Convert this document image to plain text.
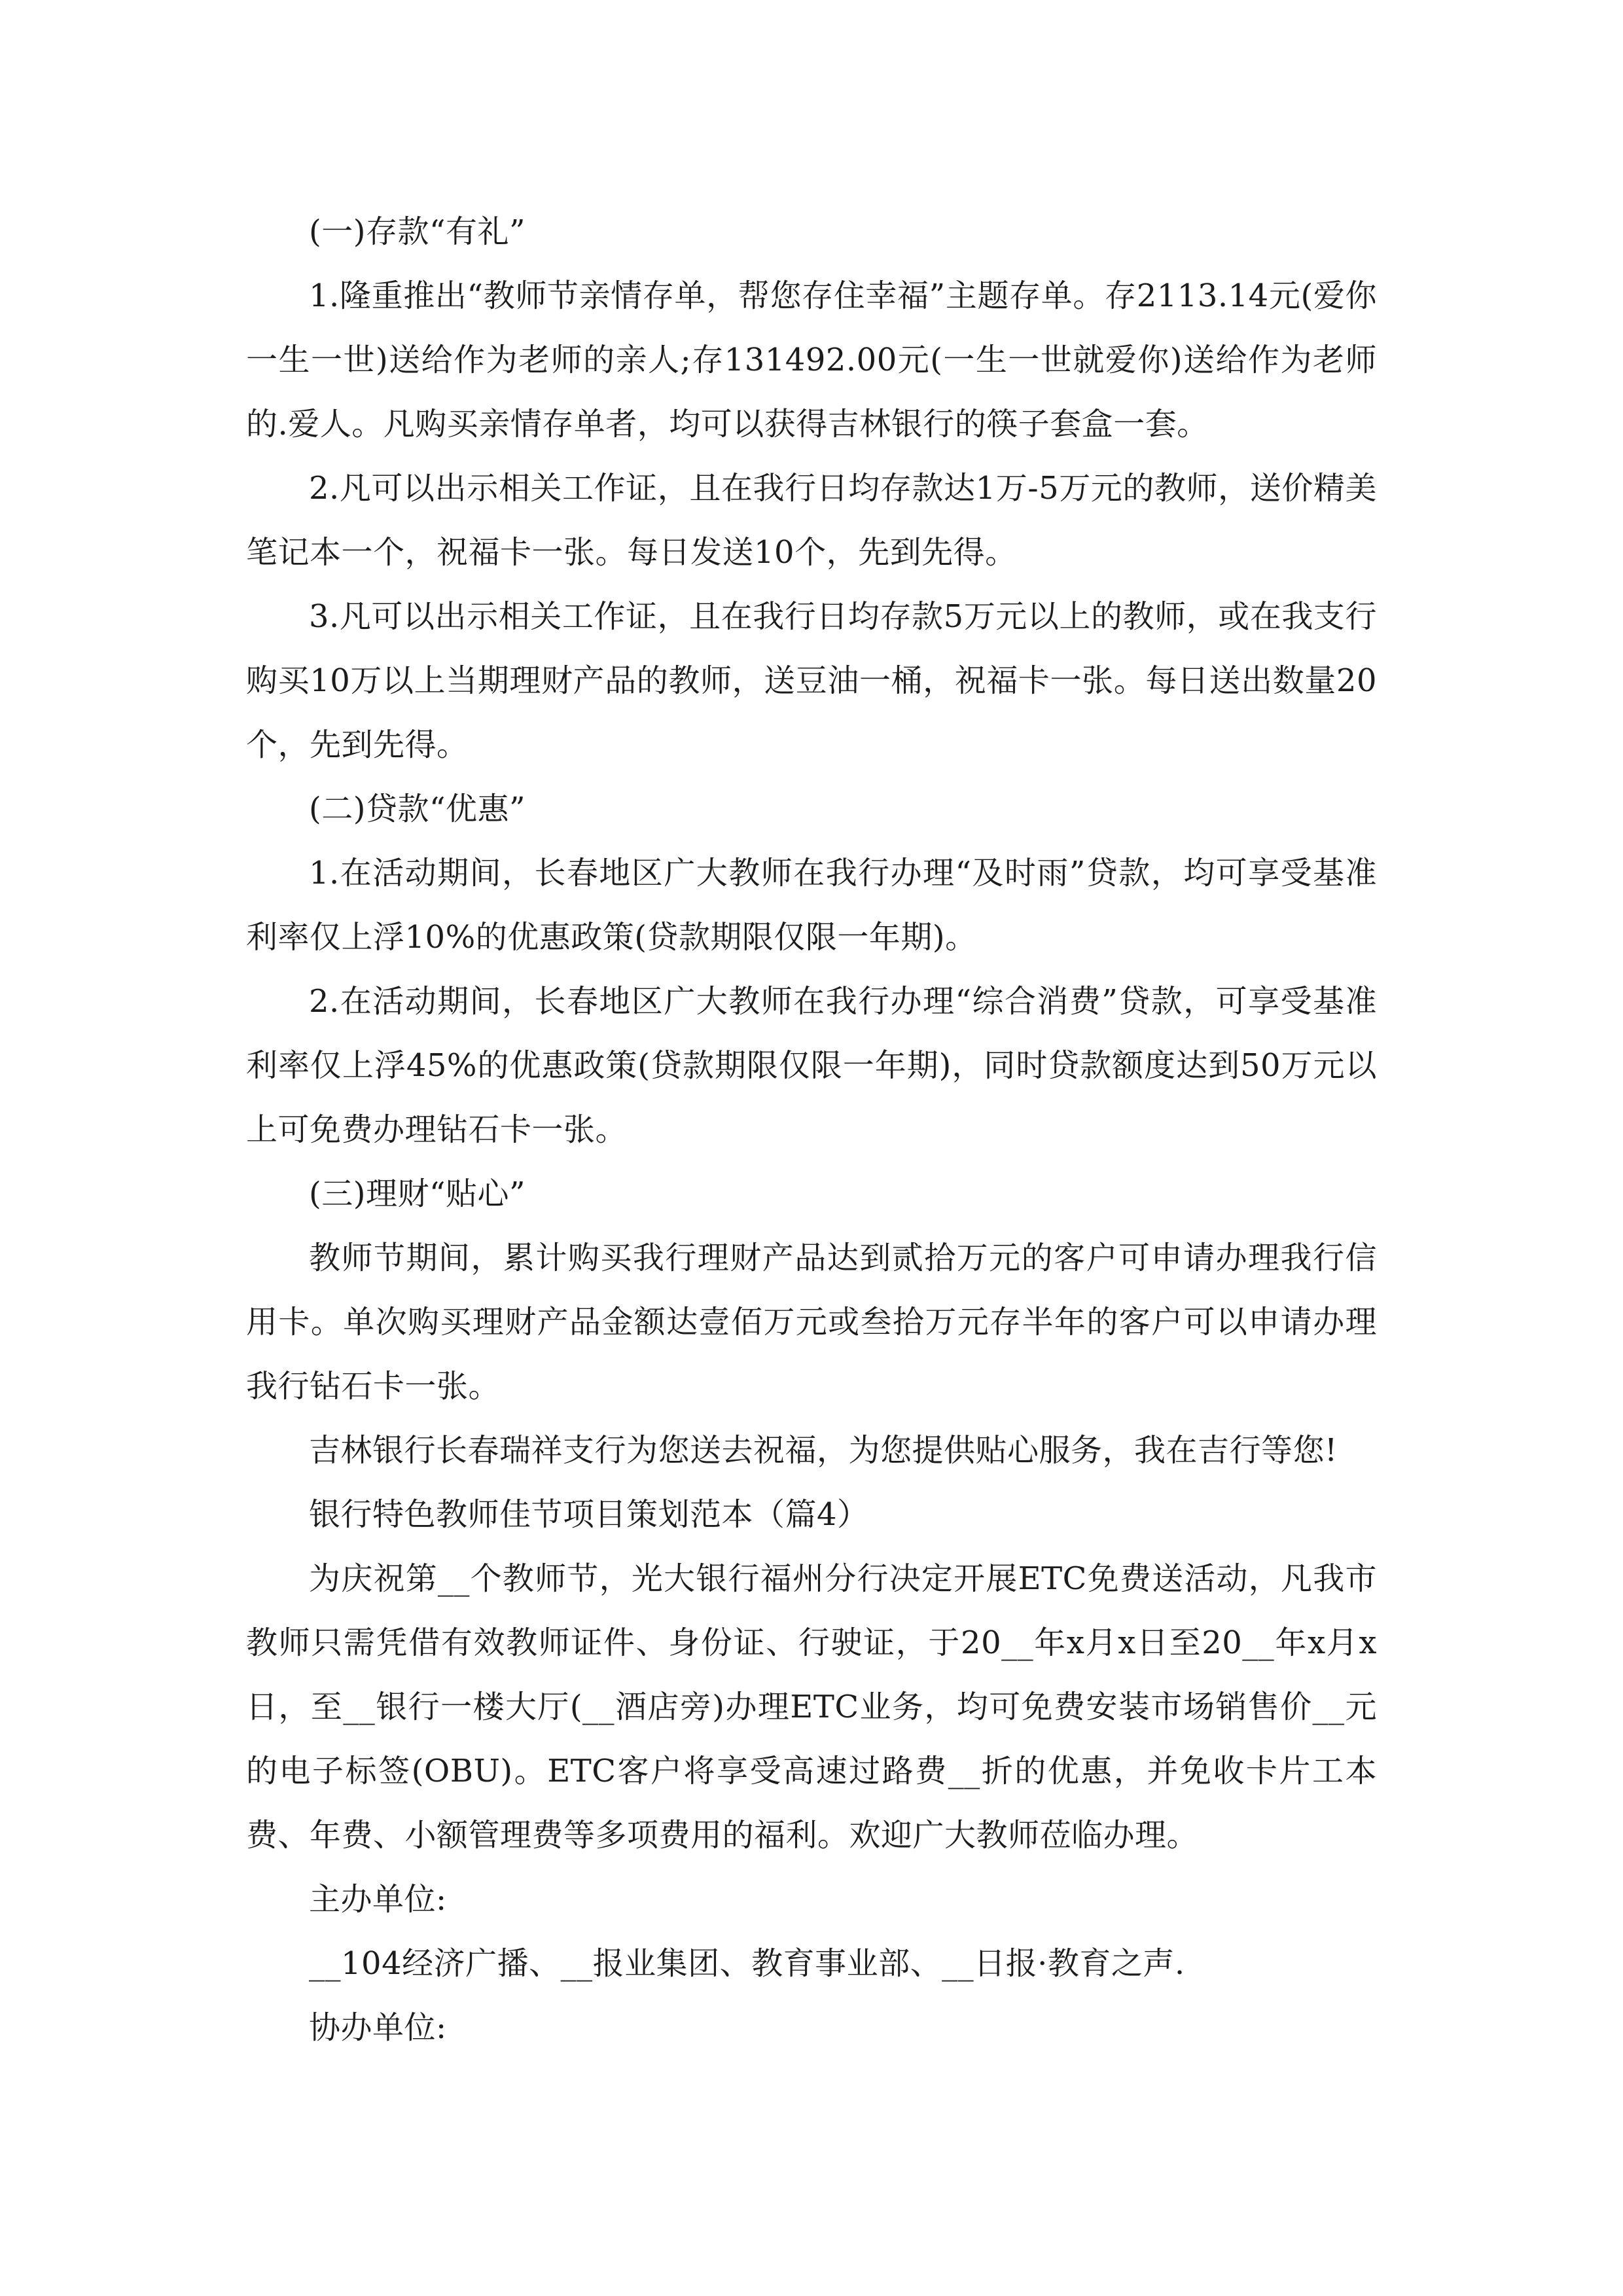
(一)存款“有礼”

1.隆重推出“教师节亲情存单，帮您存住幸福”主题存单。存2113.14元(爱你一生一世)送给作为老师的亲人;存131492.00元(一生一世就爱你)送给作为老师的.爱人。凡购买亲情存单者，均可以获得吉林银行的筷子套盒一套。

2.凡可以出示相关工作证，且在我行日均存款达1万-5万元的教师，送价精美笔记本一个，祝福卡一张。每日发送10个，先到先得。

3.凡可以出示相关工作证，且在我行日均存款5万元以上的教师，或在我支行购买10万以上当期理财产品的教师，送豆油一桶，祝福卡一张。每日送出数量20个，先到先得。

(二)贷款“优惠”

1.在活动期间，长春地区广大教师在我行办理“及时雨”贷款，均可享受基准利率仅上浮10%的优惠政策(贷款期限仅限一年期)。

2.在活动期间，长春地区广大教师在我行办理“综合消费”贷款，可享受基准利率仅上浮45%的优惠政策(贷款期限仅限一年期)，同时贷款额度达到50万元以上可免费办理钻石卡一张。

(三)理财“贴心”

教师节期间，累计购买我行理财产品达到贰拾万元的客户可申请办理我行信用卡。单次购买理财产品金额达壹佰万元或叁拾万元存半年的客户可以申请办理我行钻石卡一张。

吉林银行长春瑞祥支行为您送去祝福，为您提供贴心服务，我在吉行等您!

银行特色教师佳节项目策划范本（篇4）

为庆祝第__个教师节，光大银行福州分行决定开展ETC免费送活动，凡我市教师只需凭借有效教师证件、身份证、行驶证，于20__年x月x日至20__年x月x日，至__银行一楼大厅(__酒店旁)办理ETC业务，均可免费安装市场销售价__元的电子标签(OBU)。ETC客户将享受高速过路费__折的优惠，并免收卡片工本费、年费、小额管理费等多项费用的福利。欢迎广大教师莅临办理。

主办单位:

__104经济广播、__报业集团、教育事业部、__日报·教育之声.

协办单位:
